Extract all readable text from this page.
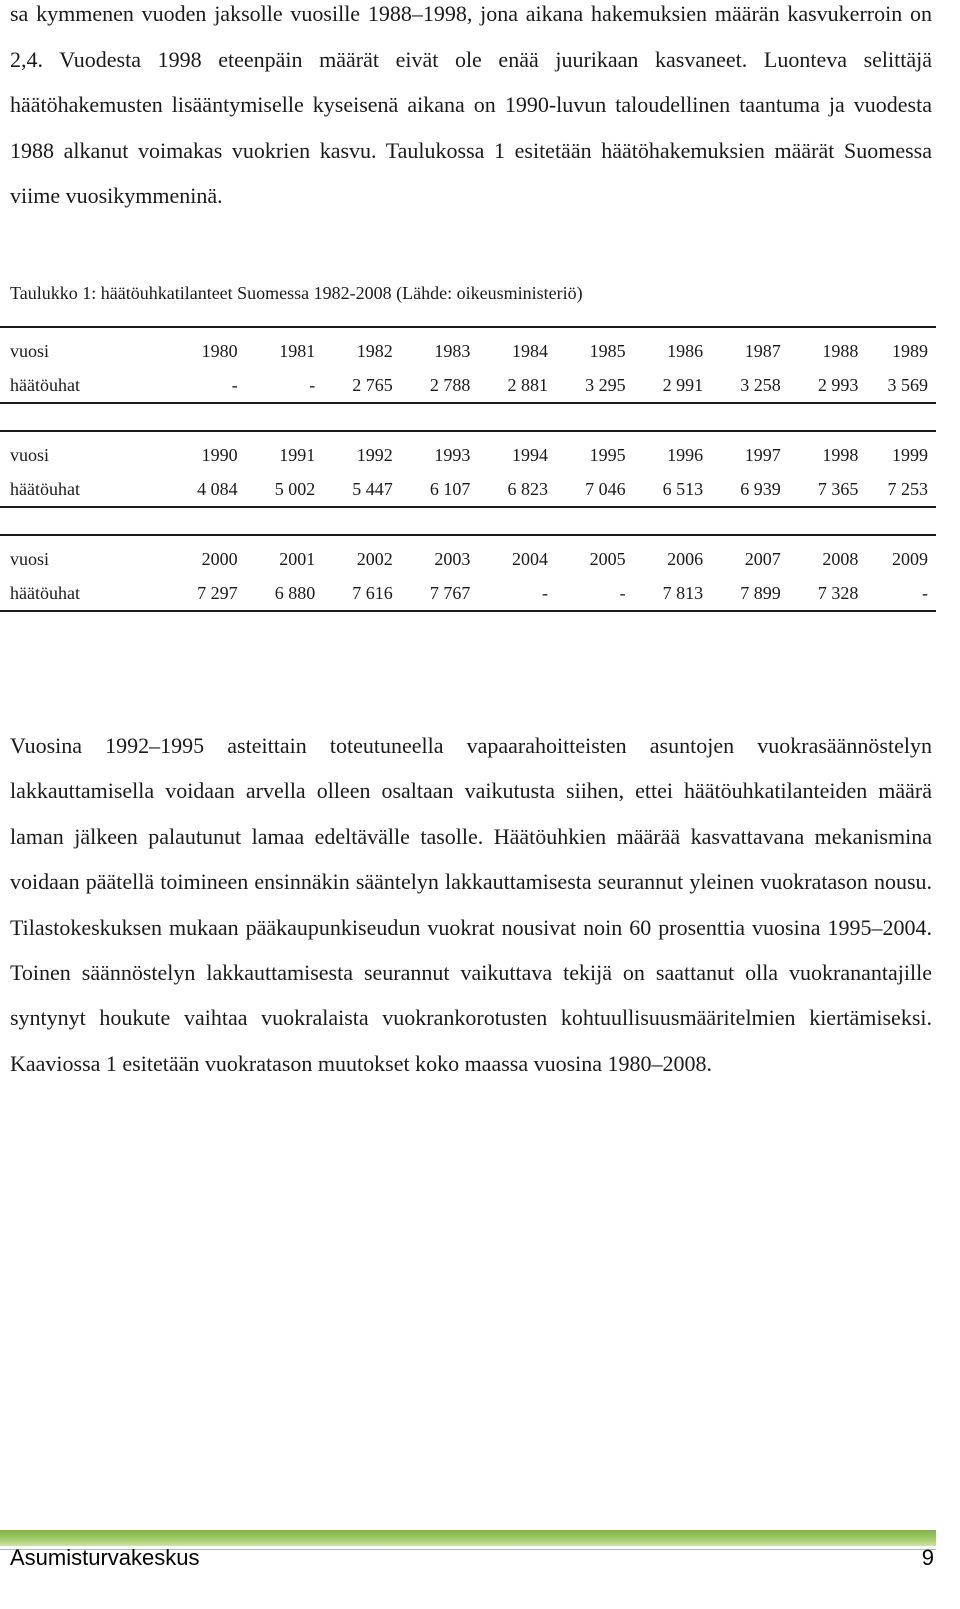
sa kymmenen vuoden jaksolle vuosille 1988–1998, jona aikana hakemuksien määrän kasvukerroin on 2,4. Vuodesta 1998 eteenpäin määrät eivät ole enää juurikaan kasvaneet. Luonteva selittäjä häätöhakemusten lisääntymiselle kyseisenä aikana on 1990-luvun taloudellinen taantuma ja vuodesta 1988 alkanut voimakas vuokrien kasvu. Taulukossa 1 esitetään häätöhakemuksien määrät Suomessa viime vuosikymmeninä.

Taulukko 1: häätöuhkatilanteet Suomessa 1982-2008 (Lähde: oikeusministeriö)

vuosi	1980	1981	1982	1983	1984	1985	1986	1987	1988	1989
häätöuhat	-	-	2 765	2 788	2 881	3 295	2 991	3 258	2 993	3 569
vuosi	1990	1991	1992	1993	1994	1995	1996	1997	1998	1999
häätöuhat	4 084	5 002	5 447	6 107	6 823	7 046	6 513	6 939	7 365	7 253
vuosi	2000	2001	2002	2003	2004	2005	2006	2007	2008	2009
häätöuhat	7 297	6 880	7 616	7 767	-	-	7 813	7 899	7 328	-

Vuosina 1992–1995 asteittain toteutuneella vapaarahoitteisten asuntojen vuokrasäännöstelyn lakkauttamisella voidaan arvella olleen osaltaan vaikutusta siihen, ettei häätöuhkatilanteiden määrä laman jälkeen palautunut lamaa edeltävälle tasolle. Häätöuhkien määrää kasvattavana mekanismina voidaan päätellä toimineen ensinnäkin sääntelyn lakkauttamisesta seurannut yleinen vuokratason nousu. Tilastokeskuksen mukaan pääkaupunkiseudun vuokrat nousivat noin 60 prosenttia vuosina 1995–2004. Toinen säännöstelyn lakkauttamisesta seurannut vaikuttava tekijä on saattanut olla vuokranantajille syntynyt houkute vaihtaa vuokralaista vuokrankorotusten kohtuullisuusmääritelmien kiertämiseksi. Kaaviossa 1 esitetään vuokratason muutokset koko maassa vuosina 1980–2008.

Asumisturvakeskus	9
